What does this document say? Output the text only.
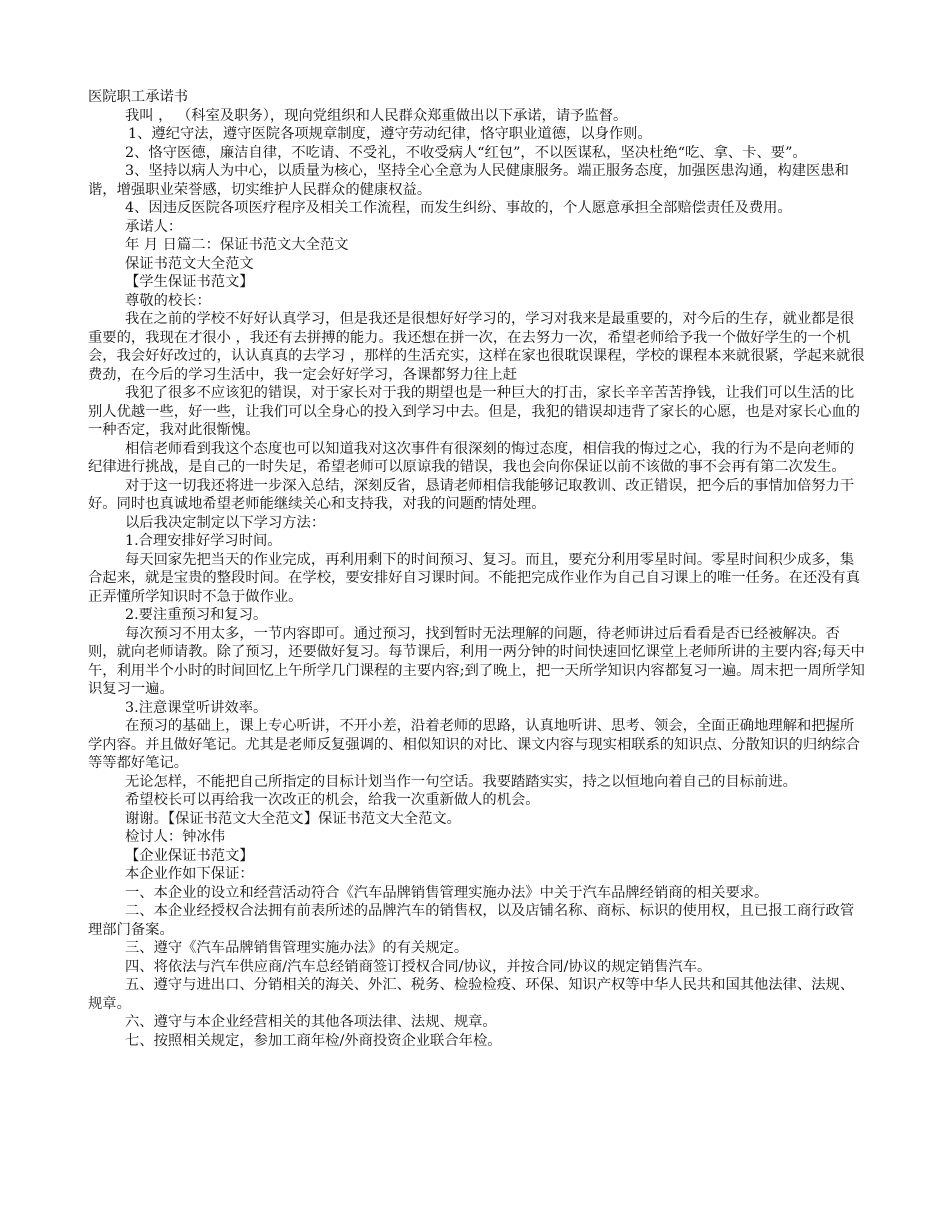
医院职工承诺书

我叫 ， （科室及职务），现向党组织和人民群众郑重做出以下承诺，请予监督。

1、遵纪守法，遵守医院各项规章制度，遵守劳动纪律，恪守职业道德，以身作则。

2、恪守医德，廉洁自律，不吃请、不受礼，不收受病人“红包”，不以医谋私，坚决杜绝“吃、拿、卡、要”。

3、坚持以病人为中心，以质量为核心，坚持全心全意为人民健康服务。端正服务态度，加强医患沟通，构建医患和谐，增强职业荣誉感，切实维护人民群众的健康权益。

4、因违反医院各项医疗程序及相关工作流程，而发生纠纷、事故的，个人愿意承担全部赔偿责任及费用。

承诺人：

年 月 日篇二：保证书范文大全范文

保证书范文大全范文

【学生保证书范文】

尊敬的校长：

我在之前的学校不好好认真学习，但是我还是很想好好学习的，学习对我来是最重要的，对今后的生存，就业都是很重要的，我现在才很小 ，我还有去拼搏的能力。我还想在拼一次，在去努力一次，希望老师给予我一个做好学生的一个机会，我会好好改过的，认认真真的去学习 ，那样的生活充实，这样在家也很耽误课程，学校的课程本来就很紧，学起来就很费劲，在今后的学习生活中，我一定会好好学习，各课都努力往上赶

我犯了很多不应该犯的错误，对于家长对于我的期望也是一种巨大的打击，家长辛辛苦苦挣钱，让我们可以生活的比别人优越一些，好一些，让我们可以全身心的投入到学习中去。但是，我犯的错误却违背了家长的心愿，也是对家长心血的一种否定，我对此很惭愧。

相信老师看到我这个态度也可以知道我对这次事件有很深刻的悔过态度，相信我的悔过之心，我的行为不是向老师的纪律进行挑战，是自己的一时失足，希望老师可以原谅我的错误，我也会向你保证以前不该做的事不会再有第二次发生。

对于这一切我还将进一步深入总结，深刻反省，恳请老师相信我能够记取教训、改正错误，把今后的事情加倍努力干好。同时也真诚地希望老师能继续关心和支持我，对我的问题酌情处理。

以后我决定制定以下学习方法：

1.合理安排好学习时间。

每天回家先把当天的作业完成，再利用剩下的时间预习、复习。而且，要充分利用零星时间。零星时间积少成多，集合起来，就是宝贵的整段时间。在学校，要安排好自习课时间。不能把完成作业作为自己自习课上的唯一任务。在还没有真正弄懂所学知识时不急于做作业。

2.要注重预习和复习。

每次预习不用太多，一节内容即可。通过预习，找到暂时无法理解的问题，待老师讲过后看看是否已经被解决。否则，就向老师请教。除了预习，还要做好复习。每节课后，利用一两分钟的时间快速回忆课堂上老师所讲的主要内容;每天中午，利用半个小时的时间回忆上午所学几门课程的主要内容;到了晚上，把一天所学知识内容都复习一遍。周末把一周所学知识复习一遍。

3.注意课堂听讲效率。

在预习的基础上，课上专心听讲，不开小差，沿着老师的思路，认真地听讲、思考、领会，全面正确地理解和把握所学内容。并且做好笔记。尤其是老师反复强调的、相似知识的对比、课文内容与现实相联系的知识点、分散知识的归纳综合等等都好笔记。

无论怎样，不能把自己所指定的目标计划当作一句空话。我要踏踏实实，持之以恒地向着自己的目标前进。

希望校长可以再给我一次改正的机会，给我一次重新做人的机会。

谢谢。【保证书范文大全范文】保证书范文大全范文。

检讨人：钟冰伟

【企业保证书范文】

本企业作如下保证：

一、本企业的设立和经营活动符合《汽车品牌销售管理实施办法》中关于汽车品牌经销商的相关要求。

二、本企业经授权合法拥有前表所述的品牌汽车的销售权，以及店铺名称、商标、标识的使用权，且已报工商行政管理部门备案。

三、遵守《汽车品牌销售管理实施办法》的有关规定。

四、将依法与汽车供应商/汽车总经销商签订授权合同/协议，并按合同/协议的规定销售汽车。

五、遵守与进出口、分销相关的海关、外汇、税务、检验检疫、环保、知识产权等中华人民共和国其他法律、法规、规章。

六、遵守与本企业经营相关的其他各项法律、法规、规章。

七、按照相关规定，参加工商年检/外商投资企业联合年检。
